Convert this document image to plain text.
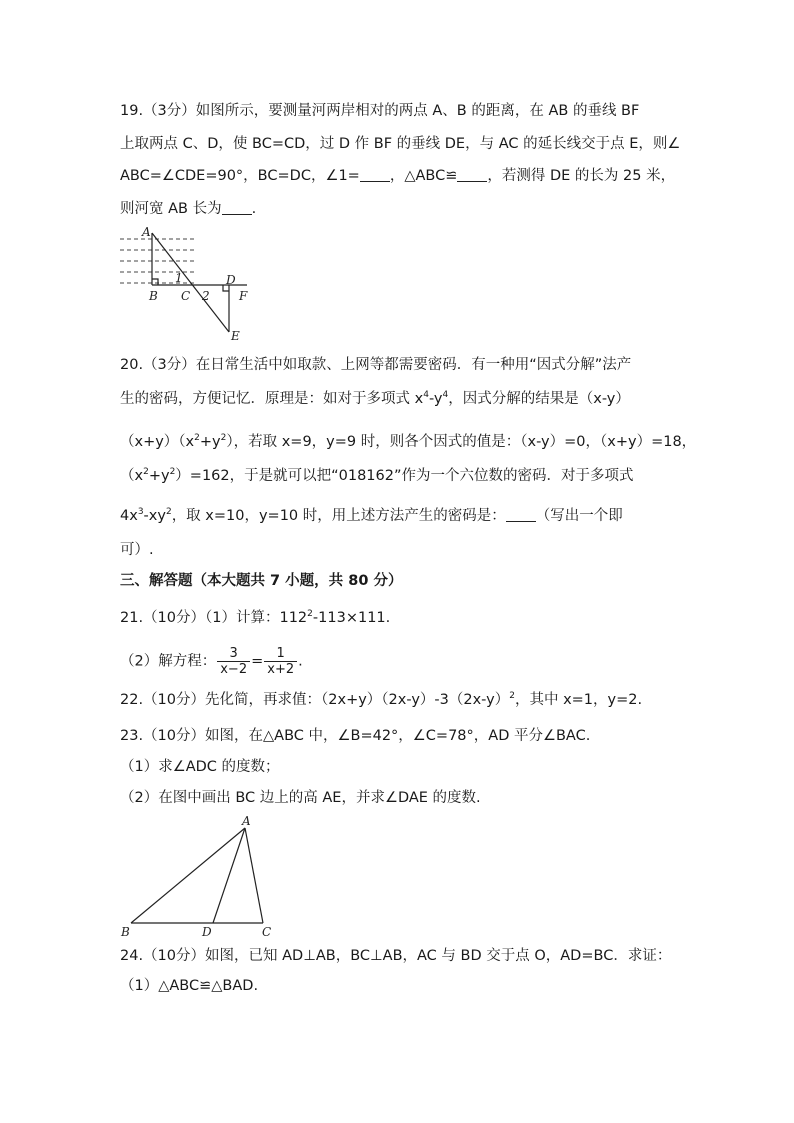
19.（3分）如图所示，要测量河两岸相对的两点 A、B 的距离，在 AB 的垂线 BF
上取两点 C、D，使 BC=CD，过 D 作 BF 的垂线 DE，与 AC 的延长线交于点 E，则∠
ABC=∠CDE=90°，BC=DC，∠1= ，△ABC≌ ，若测得 DE 的长为 25 米，
则河宽 AB 长为 .
A
B C
D
E
F
1
2
20.（3分）在日常生活中如取款、上网等都需要密码．有一种用“因式分解”法产
生的密码，方便记忆．原理是：如对于多项式 $x^4-y^4$，因式分解的结果是（x-y）
$(x+y)(x^2+y^2)$，若取 x=9，y=9 时，则各个因式的值是：（x-y）=0，（x+y）=18，
$(x^2+y^2)=162$，于是就可以把“018162”作为一个六位数的密码．对于多项式
$4x^3-xy^2$，取 x=10，y=10 时，用上述方法产生的密码是： （写出一个即
可）.
三、解答题（本大题共 7 小题，共 80 分）
21.（10分）（1）计算：$112^2-113\times 111$.
（2）解方程： $\frac{3}{x-2} = \frac{1}{x+2}$ .
22.（10分）先化简，再求值：$(2x+y)(2x-y)-3(2x-y)^2$，其中 x=1，y=2.
23.（10分）如图，在△ABC 中，∠B=42°，∠C=78°，AD 平分∠BAC.
（1）求∠ADC 的度数；
（2）在图中画出 BC 边上的高 AE，并求∠DAE 的度数.
A
B	C
D
24.（10分）如图，已知 AD⊥AB，BC⊥AB，AC 与 BD 交于点 O，AD=BC．求证：
（1）△ABC≌△BAD.
